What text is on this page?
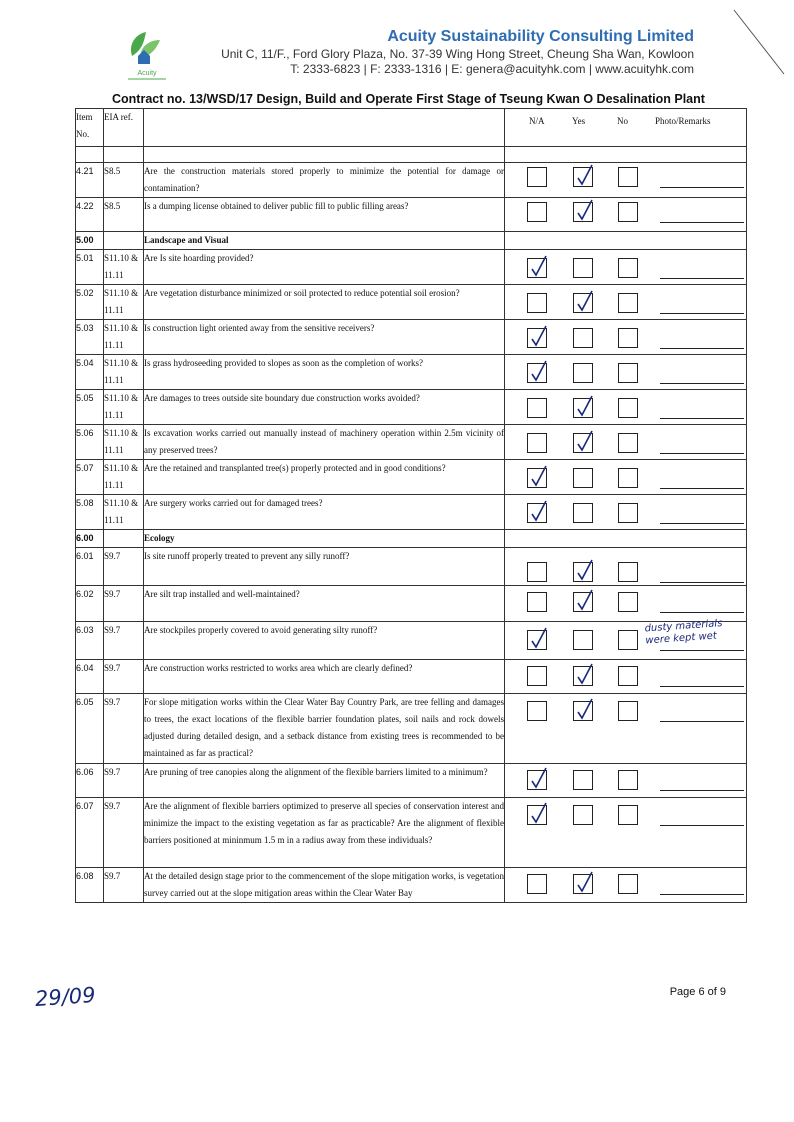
Acuity
Acuity Sustainability Consulting Limited
Unit C, 11/F., Ford Glory Plaza, No. 37-39 Wing Hong Street, Cheung Sha Wan, Kowloon
T: 2333-6823 | F: 2333-1316 | E: genera@acuityhk.com | www.acuityhk.com
Contract no. 13/WSD/17 Design, Build and Operate First Stage of Tseung Kwan O Desalination Plant
Item No.	EIA ref.		N/A Yes No Photo/Remarks

4.21	S8.5	Are the construction materials stored properly to minimize the potential for damage or contamination?	

4.22	S8.5	Is a dumping license obtained to deliver public fill to public filling areas?	

5.00		Landscape and Visual	
5.01	S11.10 & 11.11	Are Is site hoarding provided?	

5.02	S11.10 & 11.11	Are vegetation disturbance minimized or soil protected to reduce potential soil erosion?	

5.03	S11.10 & 11.11	Is construction light oriented away from the sensitive receivers?	

5.04	S11.10 & 11.11	Is grass hydroseeding provided to slopes as soon as the completion of works?	

5.05	S11.10 & 11.11	Are damages to trees outside site boundary due construction works avoided?	

5.06	S11.10 & 11.11	Is excavation works carried out manually instead of machinery operation within 2.5m vicinity of any preserved trees?	

5.07	S11.10 & 11.11	Are the retained and transplanted tree(s) properly protected and in good conditions?	

5.08	S11.10 & 11.11	Are surgery works carried out for damaged trees?	

6.00		Ecology	
6.01	S9.7	Is site runoff properly treated to prevent any silly runoff?	

6.02	S9.7	Are silt trap installed and well-maintained?	

6.03	S9.7	Are stockpiles properly covered to avoid generating silty runoff?	dusty materials were kept wet

6.04	S9.7	Are construction works restricted to works area which are clearly defined?	

6.05	S9.7	For slope mitigation works within the Clear Water Bay Country Park, are tree felling and damages to trees, the exact locations of the flexible barrier foundation plates, soil nails and rock dowels adjusted during detailed design, and a setback distance from existing trees is recommended to be maintained as far as practical?	

6.06	S9.7	Are pruning of tree canopies along the alignment of the flexible barriers limited to a minimum?	

6.07	S9.7	Are the alignment of flexible barriers optimized to preserve all species of conservation interest and minimize the impact to the existing vegetation as far as practicable? Are the alignment of flexible barriers positioned at mininmum 1.5 m in a radius away from these individuals?	

6.08	S9.7	At the detailed design stage prior to the commencement of the slope mitigation works, is vegetation survey carried out at the slope mitigation areas within the Clear Water Bay	
29/09	Page 6 of 9
